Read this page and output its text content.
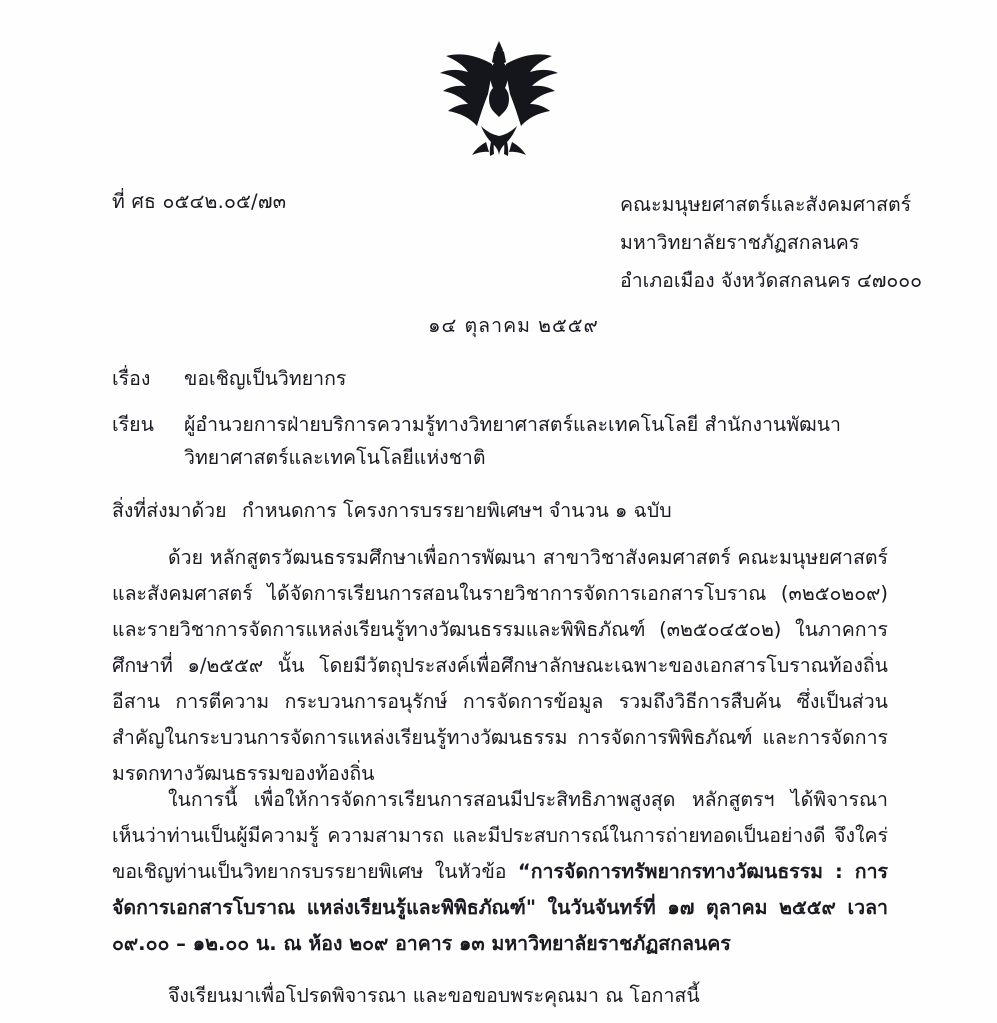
ที่ ศธ ๐๕๔๒.๐๕/๗๓	คณะมนุษยศาสตร์และสังคมศาสตร์
มหาวิทยาลัยราชภัฏสกลนคร
อำเภอเมือง จังหวัดสกลนคร ๔๗๐๐๐
๑๔ ตุลาคม ๒๕๕๙
เรื่อง ขอเชิญเป็นวิทยากร
เรียน ผู้อำนวยการฝ่ายบริการความรู้ทางวิทยาศาสตร์และเทคโนโลยี สำนักงานพัฒนาวิทยาศาสตร์และเทคโนโลยีแห่งชาติ
สิ่งที่ส่งมาด้วย กำหนดการ โครงการบรรยายพิเศษฯ จำนวน ๑ ฉบับ
ด้วย หลักสูตรวัฒนธรรมศึกษาเพื่อการพัฒนา สาขาวิชาสังคมศาสตร์ คณะมนุษยศาสตร์และสังคมศาสตร์ ได้จัดการเรียนการสอนในรายวิชาการจัดการเอกสารโบราณ (๓๒๕๐๒๐๙) และรายวิชาการจัดการแหล่งเรียนรู้ทางวัฒนธรรมและพิพิธภัณฑ์ (๓๒๕๐๔๕๐๒) ในภาคการศึกษาที่ ๑/๒๕๕๙ นั้น โดยมีวัตถุประสงค์เพื่อศึกษาลักษณะเฉพาะของเอกสารโบราณท้องถิ่นอีสาน การตีความ กระบวนการอนุรักษ์ การจัดการข้อมูล รวมถึงวิธีการสืบค้น ซึ่งเป็นส่วนสำคัญในกระบวนการจัดการแหล่งเรียนรู้ทางวัฒนธรรม การจัดการพิพิธภัณฑ์ และการจัดการมรดกทางวัฒนธรรมของท้องถิ่น
ในการนี้ เพื่อให้การจัดการเรียนการสอนมีประสิทธิภาพสูงสุด หลักสูตรฯ ได้พิจารณาเห็นว่าท่านเป็นผู้มีความรู้ ความสามารถ และมีประสบการณ์ในการถ่ายทอดเป็นอย่างดี จึงใคร่ขอเชิญท่านเป็นวิทยากรบรรยายพิเศษ ในหัวข้อ “การจัดการทรัพยากรทางวัฒนธรรม : การจัดการเอกสารโบราณ แหล่งเรียนรู้และพิพิธภัณฑ์" ในวันจันทร์ที่ ๑๗ ตุลาคม ๒๕๕๙ เวลา ๐๙.๐๐ – ๑๒.๐๐ น. ณ ห้อง ๒๐๙ อาคาร ๑๓ มหาวิทยาลัยราชภัฏสกลนคร
จึงเรียนมาเพื่อโปรดพิจารณา และขอขอบพระคุณมา ณ โอกาสนี้
